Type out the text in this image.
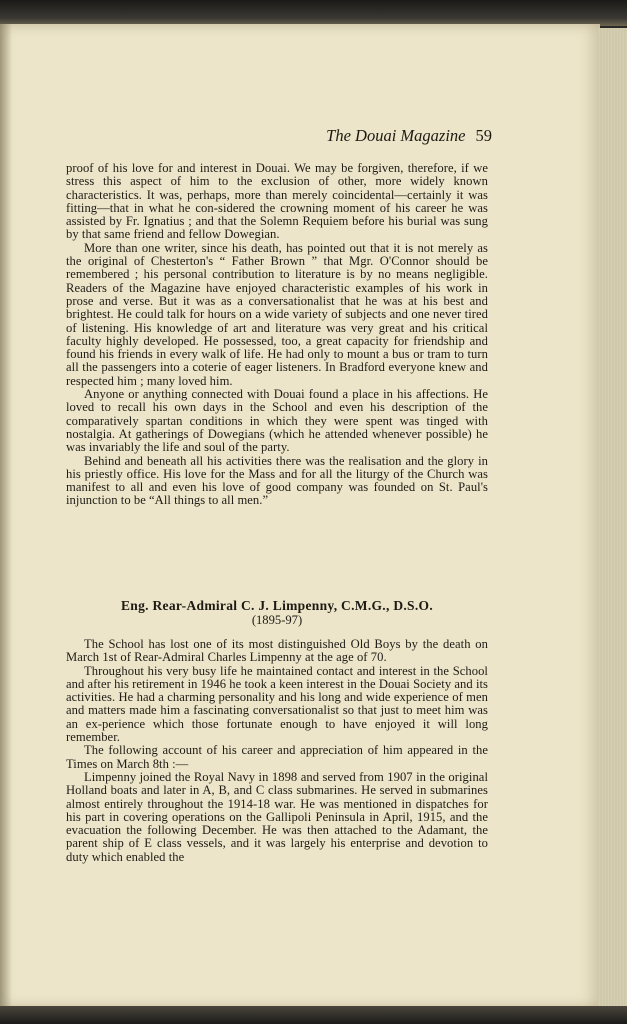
The Douai Magazine 59

proof of his love for and interest in Douai. We may be forgiven, therefore, if we stress this aspect of him to the exclusion of other, more widely known characteristics. It was, perhaps, more than merely coincidental—certainly it was fitting—that in what he con-sidered the crowning moment of his career he was assisted by Fr. Ignatius ; and that the Solemn Requiem before his burial was sung by that same friend and fellow Dowegian.

More than one writer, since his death, has pointed out that it is not merely as the original of Chesterton's “ Father Brown ” that Mgr. O'Connor should be remembered ; his personal contribution to literature is by no means negligible. Readers of the Magazine have enjoyed characteristic examples of his work in prose and verse. But it was as a conversationalist that he was at his best and brightest. He could talk for hours on a wide variety of subjects and one never tired of listening. His knowledge of art and literature was very great and his critical faculty highly developed. He possessed, too, a great capacity for friendship and found his friends in every walk of life. He had only to mount a bus or tram to turn all the passengers into a coterie of eager listeners. In Bradford everyone knew and respected him ; many loved him.

Anyone or anything connected with Douai found a place in his affections. He loved to recall his own days in the School and even his description of the comparatively spartan conditions in which they were spent was tinged with nostalgia. At gatherings of Dowegians (which he attended whenever possible) he was invariably the life and soul of the party.

Behind and beneath all his activities there was the realisation and the glory in his priestly office. His love for the Mass and for all the liturgy of the Church was manifest to all and even his love of good company was founded on St. Paul's injunction to be “All things to all men.”

Eng. Rear-Admiral C. J. Limpenny, C.M.G., D.S.O.
(1895-97)

The School has lost one of its most distinguished Old Boys by the death on March 1st of Rear-Admiral Charles Limpenny at the age of 70.

Throughout his very busy life he maintained contact and interest in the School and after his retirement in 1946 he took a keen interest in the Douai Society and its activities. He had a charming personality and his long and wide experience of men and matters made him a fascinating conversationalist so that just to meet him was an ex-perience which those fortunate enough to have enjoyed it will long remember.

The following account of his career and appreciation of him appeared in the Times on March 8th :—

Limpenny joined the Royal Navy in 1898 and served from 1907 in the original Holland boats and later in A, B, and C class submarines. He served in submarines almost entirely throughout the 1914-18 war. He was mentioned in dispatches for his part in covering operations on the Gallipoli Peninsula in April, 1915, and the evacuation the following December. He was then attached to the Adamant, the parent ship of E class vessels, and it was largely his enterprise and devotion to duty which enabled the
